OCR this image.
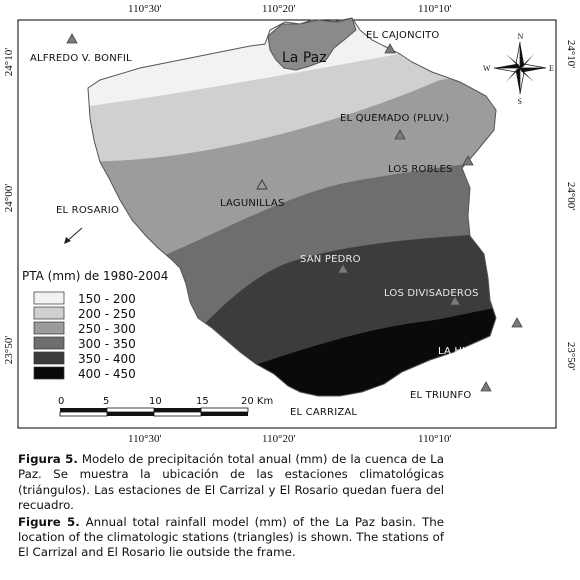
La Paz
110°30'	110°20'	110°10'
110°30'	110°20'	110°10'
24°10'
24°00'
23°50'
24°10'
24°00'
23°50'
ALFREDO V. BONFIL
EL CAJONCITO
EL QUEMADO (PLUV.)
LOS ROBLES
LAGUNILLAS
EL ROSARIO
SAN PEDRO
LOS DIVISADEROS
LA HIGUERILLA (PLUV)
EL TRIUNFO
EL CARRIZAL
N
E
S
W
PTA (mm) de 1980-2004
150 - 200
200 - 250
250 - 300
300 - 350
350 - 400
400 - 450
0	5	10	15	20 Km

Figura 5. Modelo de precipitación total anual (mm) de la cuenca de La Paz. Se muestra la ubicación de las estaciones climatológicas (triángulos). Las estaciones de El Carrizal y El Rosario quedan fuera del recuadro.

Figure 5. Annual total rainfall model (mm) of the La Paz basin. The location of the climatologic stations (triangles) is shown. The stations of El Carrizal and El Rosario lie outside the frame.
